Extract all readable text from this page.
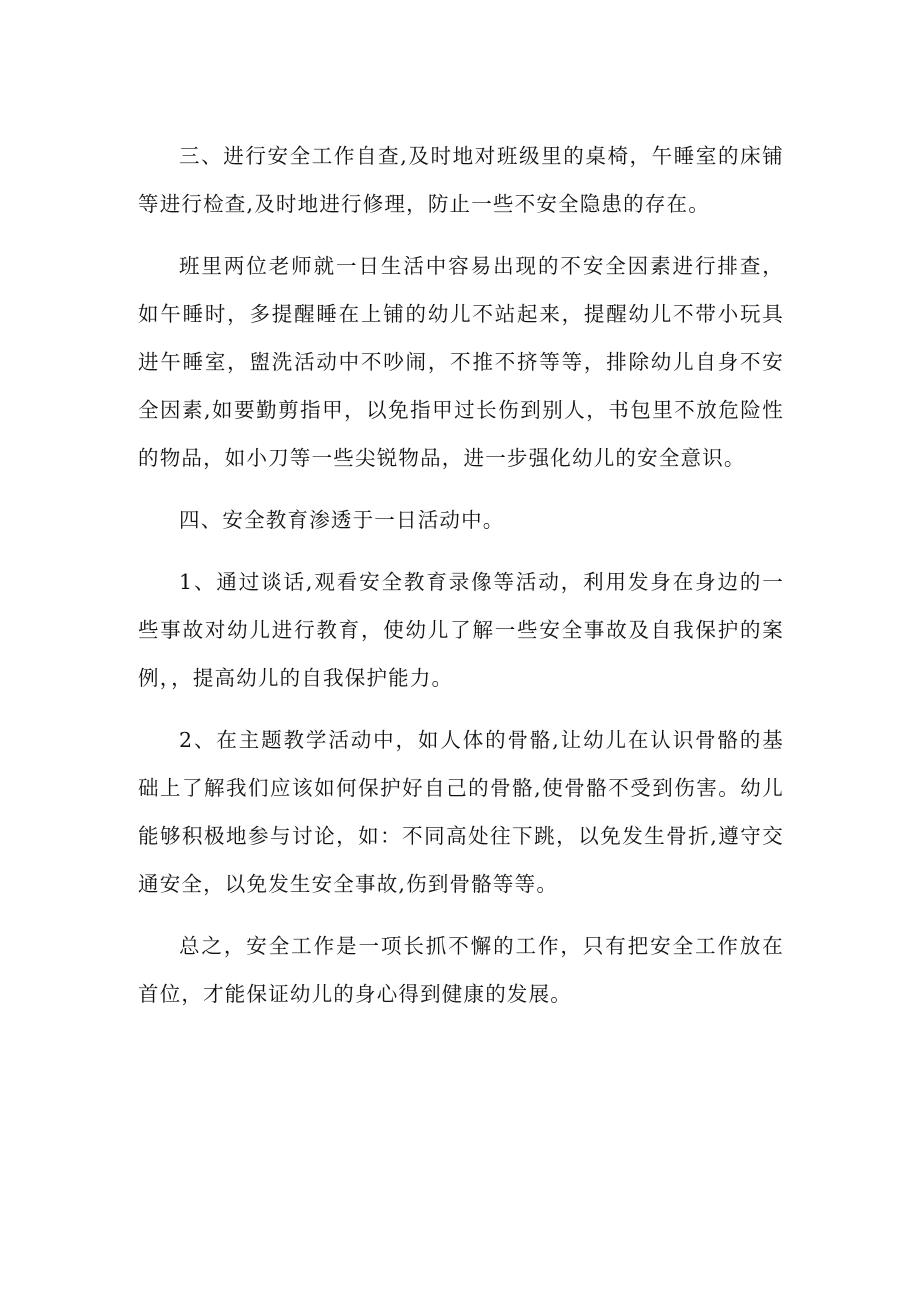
三、进行安全工作自查,及时地对班级里的桌椅，午睡室的床铺等进行检查,及时地进行修理，防止一些不安全隐患的存在。

班里两位老师就一日生活中容易出现的不安全因素进行排查，如午睡时，多提醒睡在上铺的幼儿不站起来，提醒幼儿不带小玩具进午睡室，盥洗活动中不吵闹，不推不挤等等，排除幼儿自身不安全因素,如要勤剪指甲，以免指甲过长伤到别人，书包里不放危险性的物品，如小刀等一些尖锐物品，进一步强化幼儿的安全意识。

四、安全教育渗透于一日活动中。

1、通过谈话,观看安全教育录像等活动，利用发身在身边的一些事故对幼儿进行教育，使幼儿了解一些安全事故及自我保护的案例，，提高幼儿的自我保护能力。

2、在主题教学活动中，如人体的骨骼,让幼儿在认识骨骼的基础上了解我们应该如何保护好自己的骨骼,使骨骼不受到伤害。幼儿能够积极地参与讨论，如：不同高处往下跳，以免发生骨折,遵守交通安全，以免发生安全事故,伤到骨骼等等。

总之，安全工作是一项长抓不懈的工作，只有把安全工作放在首位，才能保证幼儿的身心得到健康的发展。
